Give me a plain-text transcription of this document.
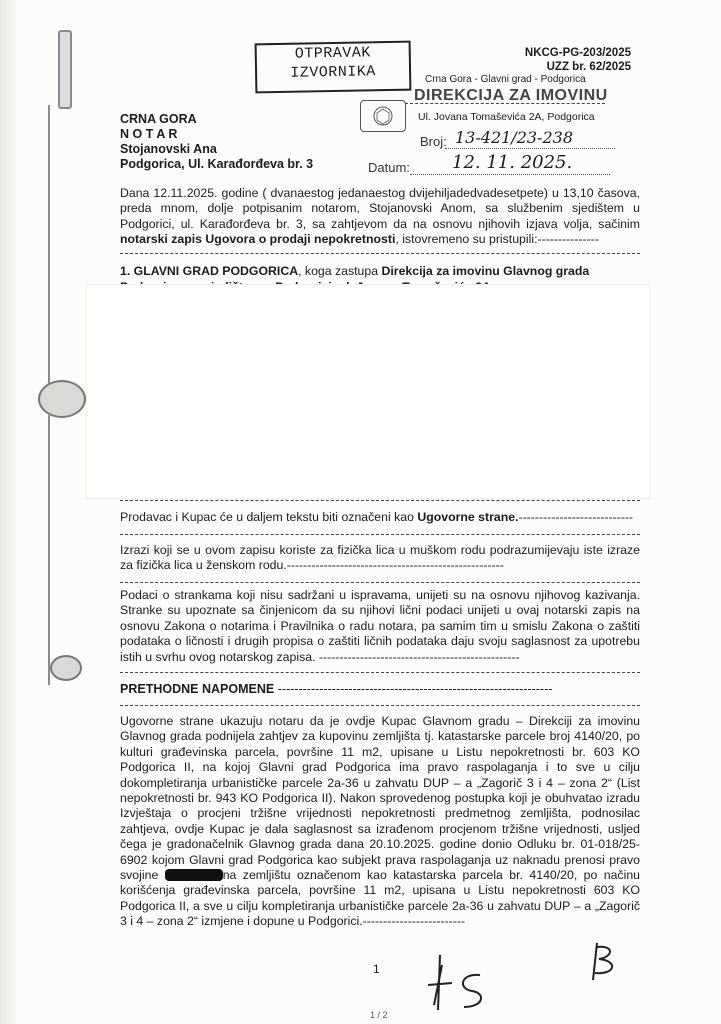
OTPRAVAK
IZVORNIKA
NKCG-PG-203/2025
UZZ br. 62/2025
Crna Gora - Glavni grad - Podgorica
DIREKCIJA ZA IMOVINU
Ul. Jovana Tomaševića 2A, Podgorica
Broj: 13-421/23-238
Datum: 12. 11. 2025.
CRNA GORA
N O T A R
Stojanovski Ana
Podgorica, Ul. Karađorđeva br. 3
Dana 12.11.2025. godine ( dvanaestog jedanaestog dvijehiljadedvadesetpete) u 13,10 časova, preda mnom, dolje potpisanim notarom, Stojanovski Anom, sa službenim sjedištem u Podgorici, ul. Karađorđeva br. 3, sa zahtjevom da na osnovu njihovih izjava volja, sačinim notarski zapis Ugovora o prodaji nepokretnosti, istovremeno su pristupili:---------------
1. GLAVNI GRAD PODGORICA, koga zastupa Direkcija za imovinu Glavnog grada
Prodavac i Kupac će u daljem tekstu biti označeni kao Ugovorne strane.----------------------------
Izrazi koji se u ovom zapisu koriste za fizička lica u muškom rodu podrazumijevaju iste izraze za fizička lica u ženskom rodu.-----------------------------------------------------
Podaci o strankama koji nisu sadržani u ispravama, unijeti su na osnovu njihovog kazivanja. Stranke su upoznate sa činjenicom da su njihovi lični podaci unijeti u ovaj notarski zapis na osnovu Zakona o notarima i Pravilnika o radu notara, pa samim tim u smislu Zakona o zaštiti podataka o ličnosti i drugih propisa o zaštiti ličnih podataka daju svoju saglasnost za upotrebu istih u svrhu ovog notarskog zapisa. -------------------------------------------------
PRETHODNE NAPOMENE ------------------------------------------------------------------
Ugovorne strane ukazuju notaru da je ovdje Kupac Glavnom gradu – Direkciji za imovinu Glavnog grada podnijela zahtjev za kupovinu zemljišta tj. katastarske parcele broj 4140/20, po kulturi građevinska parcela, površine 11 m2, upisane u Listu nepokretnosti br. 603 KO Podgorica II, na kojoj Glavni grad Podgorica ima pravo raspolaganja i to sve u cilju dokompletiranja urbanističke parcele 2a-36 u zahvatu DUP – a „Zagorič 3 i 4 – zona 2“ (List nepokretnosti br. 943 KO Podgorica II). Nakon sprovedenog postupka koji je obuhvatao izradu Izvještaja o procjeni tržišne vrijednosti nepokretnosti predmetnog zemljišta, podnosilac zahtjeva, ovdje Kupac je dala saglasnost sa izrađenom procjenom tržišne vrijednosti, usljed čega je gradonačelnik Glavnog grada dana 20.10.2025. godine donio Odluku br. 01-018/25-6902 kojom Glavni grad Podgorica kao subjekt prava raspolaganja uz naknadu prenosi pravo svojine	na zemljištu označenom kao katastarska parcela br. 4140/20, po načinu korišćenja građevinska parcela, površine 11 m2, upisana u Listu nepokretnosti 603 KO Podgorica II, a sve u cilju kompletiranja urbanističke parcele 2a-36 u zahvatu DUP – a „Zagorič 3 i 4 – zona 2“ izmjene i dopune u Podgorici.-------------------------
1
1 / 2
